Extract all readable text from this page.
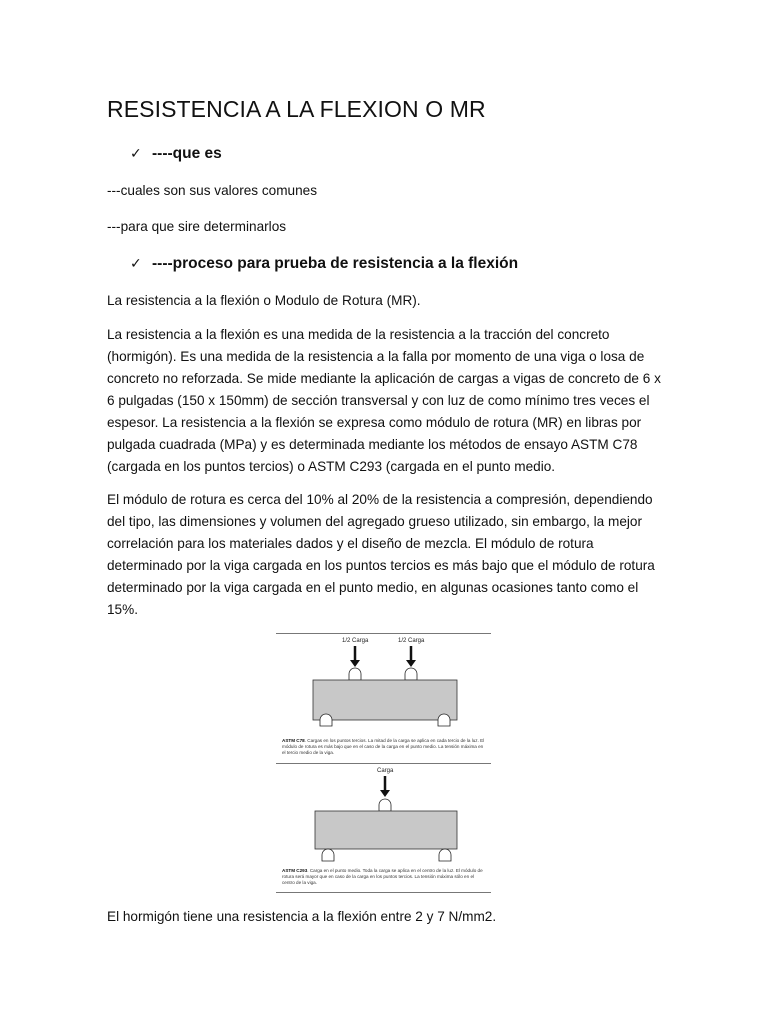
RESISTENCIA A LA FLEXION O MR
✓ ----que es
---cuales son sus valores comunes
---para que sire determinarlos
✓ ----proceso para prueba de resistencia a la flexión

La resistencia a la flexión o Modulo de Rotura (MR).

La resistencia a la flexión es una medida de la resistencia a la tracción del concreto (hormigón). Es una medida de la resistencia a la falla por momento de una viga o losa de concreto no reforzada. Se mide mediante la aplicación de cargas a vigas de concreto de 6 x 6 pulgadas (150 x 150mm) de sección transversal y con luz de como mínimo tres veces el espesor. La resistencia a la flexión se expresa como módulo de rotura (MR) en libras por pulgada cuadrada (MPa) y es determinada mediante los métodos de ensayo ASTM C78 (cargada en los puntos tercios) o ASTM C293 (cargada en el punto medio.

El módulo de rotura es cerca del 10% al 20% de la resistencia a compresión, dependiendo del tipo, las dimensiones y volumen del agregado grueso utilizado, sin embargo, la mejor correlación para los materiales dados y el diseño de mezcla. El módulo de rotura determinado por la viga cargada en los puntos tercios es más bajo que el módulo de rotura determinado por la viga cargada en el punto medio, en algunas ocasiones tanto como el 15%.

1/2 Carga	1/2 Carga
ASTM C78. Cargas en los puntos tercios. La mitad de la carga se aplica en cada tercio de la luz. El módulo de rotura es más bajo que en el caso de la carga en el punto medio. La tensión máxima en el tercio medio de la viga.
Carga
ASTM C293. Carga en el punto medio. Toda la carga se aplica en el centro de la luz. El módulo de rotura será mayor que en caso de la carga en los puntos tercios. La tensión máxima sólo en el centro de la viga.
El hormigón tiene una resistencia a la flexión entre 2 y 7 N/mm2.
